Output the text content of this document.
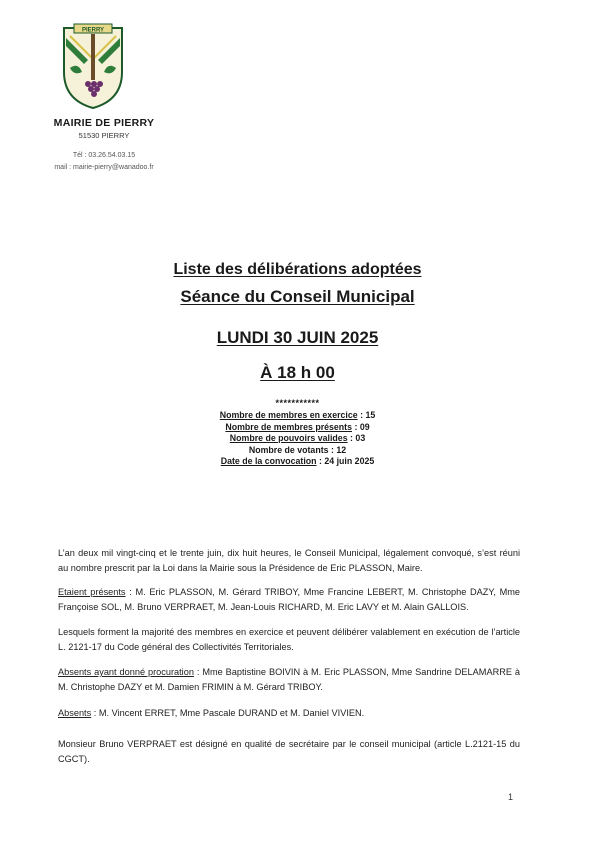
PIERRY
MAIRIE DE PIERRY
51530 PIERRY
Tél : 03.26.54.03.15
mail : mairie-pierry@wanadoo.fr
Liste des délibérations adoptées
Séance du Conseil Municipal
LUNDI 30 JUIN 2025
À 18 h 00
***********
Nombre de membres en exercice : 15
Nombre de membres présents : 09
Nombre de pouvoirs valides : 03
Nombre de votants : 12
Date de la convocation : 24 juin 2025
L’an deux mil vingt-cinq et le trente juin, dix huit heures, le Conseil Municipal, légalement convoqué, s’est réuni au nombre prescrit par la Loi dans la Mairie sous la Présidence de Eric PLASSON, Maire.
Etaient présents : M. Eric PLASSON, M. Gérard TRIBOY, Mme Francine LEBERT, M. Christophe DAZY, Mme Françoise SOL, M. Bruno VERPRAET, M. Jean-Louis RICHARD, M. Eric LAVY et M. Alain GALLOIS.
Lesquels forment la majorité des membres en exercice et peuvent délibérer valablement en exécution de l’article L. 2121-17 du Code général des Collectivités Territoriales.
Absents ayant donné procuration : Mme Baptistine BOIVIN à M. Eric PLASSON, Mme Sandrine DELAMARRE à M. Christophe DAZY et M. Damien FRIMIN à M. Gérard TRIBOY.
Absents : M. Vincent ERRET, Mme Pascale DURAND et M. Daniel VIVIEN.
Monsieur Bruno VERPRAET est désigné en qualité de secrétaire par le conseil municipal (article L.2121-15 du CGCT).
1
